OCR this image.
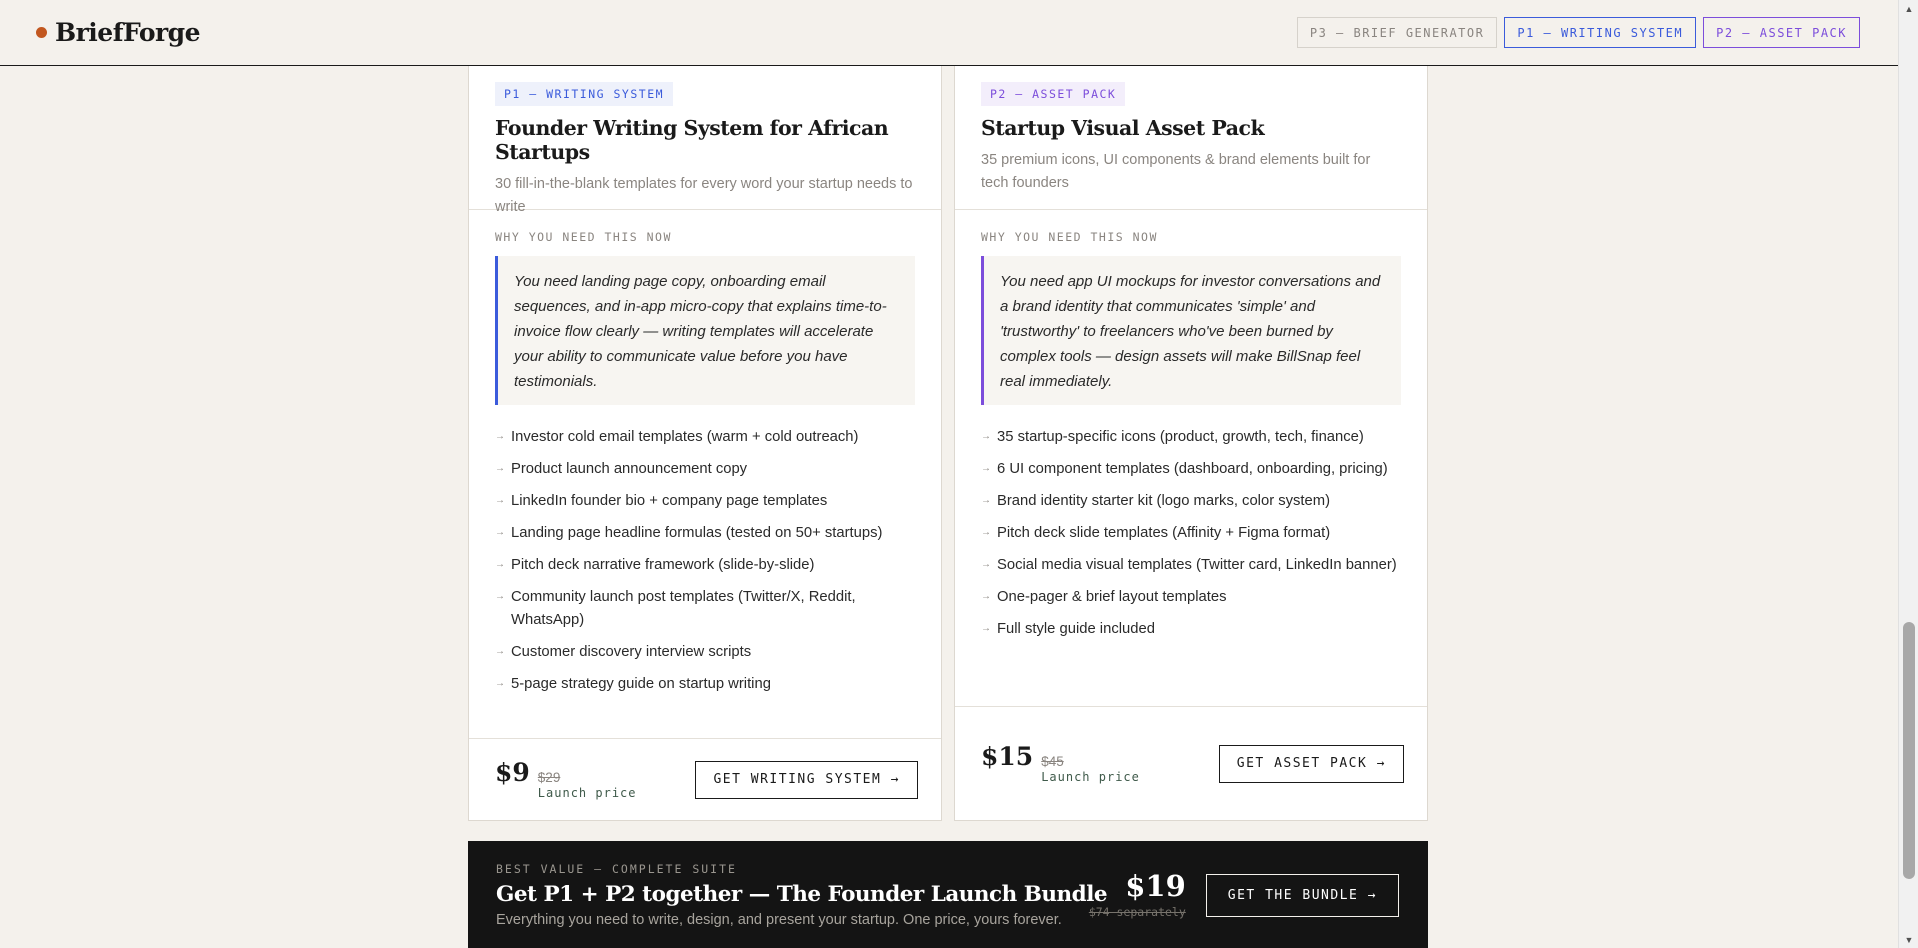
BriefForge	P3 — BRIEF GENERATOR	P1 — WRITING SYSTEM	P2 — ASSET PACK
P1 — WRITING SYSTEM
Founder Writing System for African Startups

30 fill-in-the-blank templates for every word your startup needs to write

WHY YOU NEED THIS NOW
You need landing page copy, onboarding email sequences, and in-app micro-copy that explains time-to-invoice flow clearly — writing templates will accelerate your ability to communicate value before you have testimonials.
→ Investor cold email templates (warm + cold outreach)
→ Product launch announcement copy
→ LinkedIn founder bio + company page templates
→ Landing page headline formulas (tested on 50+ startups)
→ Pitch deck narrative framework (slide-by-slide)
→ Community launch post templates (Twitter/X, Reddit, WhatsApp)
→ Customer discovery interview scripts
→ 5-page strategy guide on startup writing
$9 $29
Launch price
GET WRITING SYSTEM →
P2 — ASSET PACK
Startup Visual Asset Pack

35 premium icons, UI components & brand elements built for tech founders

WHY YOU NEED THIS NOW
You need app UI mockups for investor conversations and a brand identity that communicates 'simple' and 'trustworthy' to freelancers who've been burned by complex tools — design assets will make BillSnap feel real immediately.
→ 35 startup-specific icons (product, growth, tech, finance)
→ 6 UI component templates (dashboard, onboarding, pricing)
→ Brand identity starter kit (logo marks, color system)
→ Pitch deck slide templates (Affinity + Figma format)
→ Social media visual templates (Twitter card, LinkedIn banner)
→ One-pager & brief layout templates
→ Full style guide included
$15 $45
Launch price
GET ASSET PACK →
BEST VALUE — COMPLETE SUITE
Get P1 + P2 together — The Founder Launch Bundle

Everything you need to write, design, and present your startup. One price, yours forever.

$19
$74 separately
GET THE BUNDLE →
▲
▼
